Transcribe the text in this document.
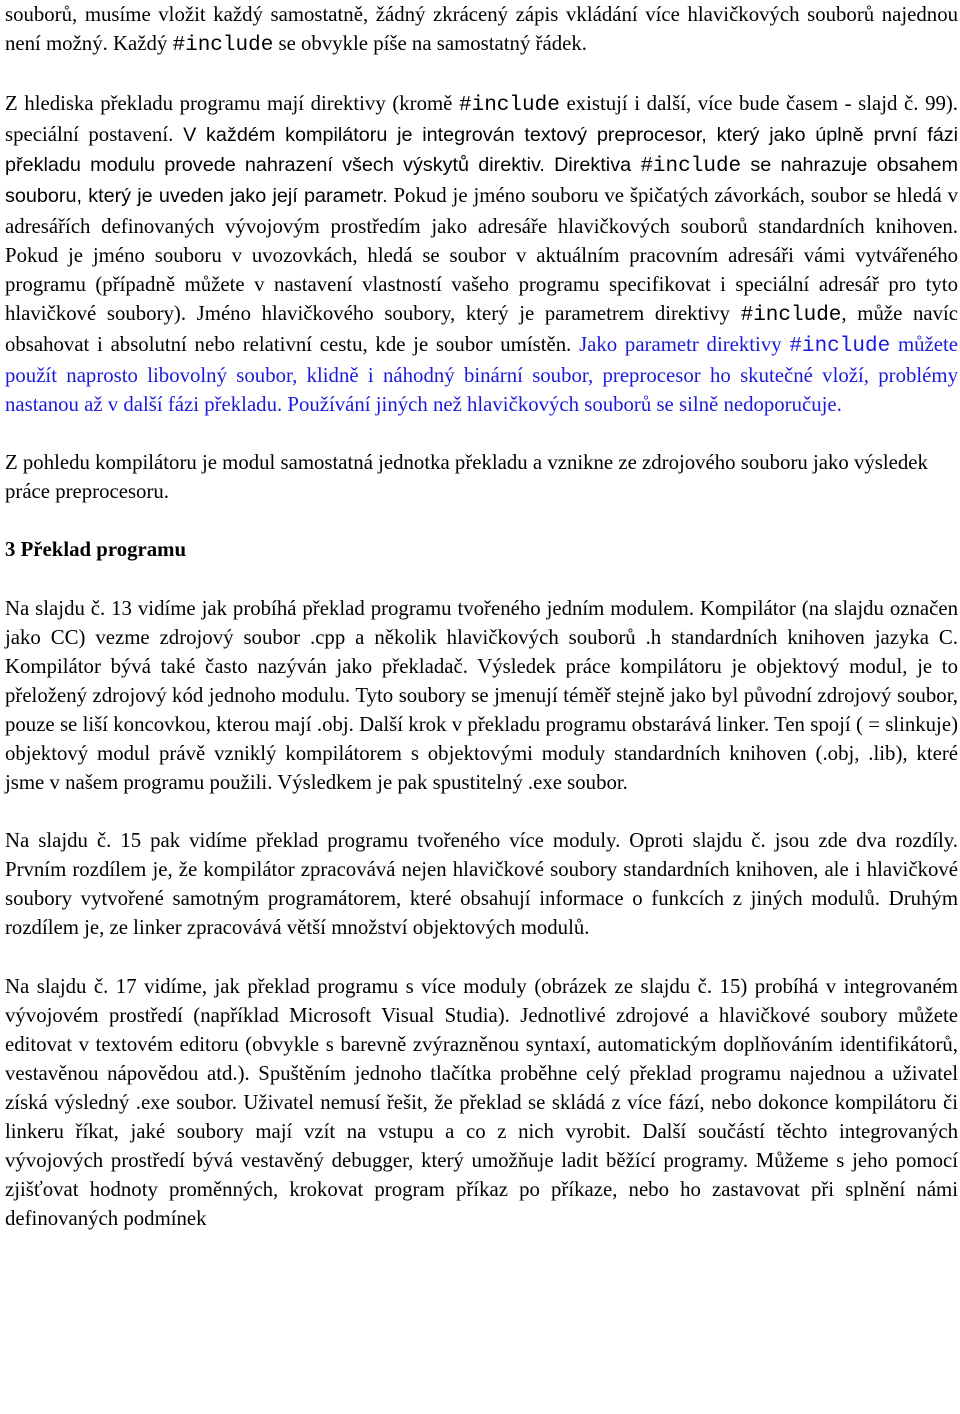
souborů, musíme vložit každý samostatně, žádný zkrácený zápis vkládání více hlavičkových souborů najednou není možný. Každý #include se obvykle píše na samostatný řádek.

Z hlediska překladu programu mají direktivy (kromě #include existují i další, více bude časem - slajd č. 99). speciální postavení. V každém kompilátoru je integrován textový preprocesor, který jako úplně první fázi překladu modulu provede nahrazení všech výskytů direktiv. Direktiva #include se nahrazuje obsahem souboru, který je uveden jako její parametr. Pokud je jméno souboru ve špičatých závorkách, soubor se hledá v adresářích definovaných vývojovým prostředím jako adresáře hlavičkových souborů standardních knihoven. Pokud je jméno souboru v uvozovkách, hledá se soubor v aktuálním pracovním adresáři vámi vytvářeného programu (případně můžete v nastavení vlastností vašeho programu specifikovat i speciální adresář pro tyto hlavičkové soubory). Jméno hlavičkového soubory, který je parametrem direktivy #include, může navíc obsahovat i absolutní nebo relativní cestu, kde je soubor umístěn. Jako parametr direktivy #include můžete použít naprosto libovolný soubor, klidně i náhodný binární soubor, preprocesor ho skutečné vloží, problémy nastanou až v další fázi překladu. Používání jiných než hlavičkových souborů se silně nedoporučuje.

Z pohledu kompilátoru je modul samostatná jednotka překladu a vznikne ze zdrojového souboru jako výsledek práce preprocesoru.

3 Překlad programu

Na slajdu č. 13 vidíme jak probíhá překlad programu tvořeného jedním modulem. Kompilátor (na slajdu označen jako CC) vezme zdrojový soubor .cpp a několik hlavičkových souborů .h standardních knihoven jazyka C. Kompilátor bývá také často nazýván jako překladač. Výsledek práce kompilátoru je objektový modul, je to přeložený zdrojový kód jednoho modulu. Tyto soubory se jmenují téměř stejně jako byl původní zdrojový soubor, pouze se liší koncovkou, kterou mají .obj. Další krok v překladu programu obstarává linker. Ten spojí ( = slinkuje) objektový modul právě vzniklý kompilátorem s objektovými moduly standardních knihoven (.obj, .lib), které jsme v našem programu použili. Výsledkem je pak spustitelný .exe soubor.

Na slajdu č. 15 pak vidíme překlad programu tvořeného více moduly. Oproti slajdu č. jsou zde dva rozdíly. Prvním rozdílem je, že kompilátor zpracovává nejen hlavičkové soubory standardních knihoven, ale i hlavičkové soubory vytvořené samotným programátorem, které obsahují informace o funkcích z jiných modulů. Druhým rozdílem je, ze linker zpracovává větší množství objektových modulů.

Na slajdu č. 17 vidíme, jak překlad programu s více moduly (obrázek ze slajdu č. 15) probíhá v integrovaném vývojovém prostředí (například Microsoft Visual Studia). Jednotlivé zdrojové a hlavičkové soubory můžete editovat v textovém editoru (obvykle s barevně zvýrazněnou syntaxí, automatickým doplňováním identifikátorů, vestavěnou nápovědou atd.). Spuštěním jednoho tlačítka proběhne celý překlad programu najednou a uživatel získá výsledný .exe soubor. Uživatel nemusí řešit, že překlad se skládá z více fází, nebo dokonce kompilátoru či linkeru říkat, jaké soubory mají vzít na vstupu a co z nich vyrobit. Další součástí těchto integrovaných vývojových prostředí bývá vestavěný debugger, který umožňuje ladit běžící programy. Můžeme s jeho pomocí zjišťovat hodnoty proměnných, krokovat program příkaz po příkaze, nebo ho zastavovat při splnění námi definovaných podmínek
